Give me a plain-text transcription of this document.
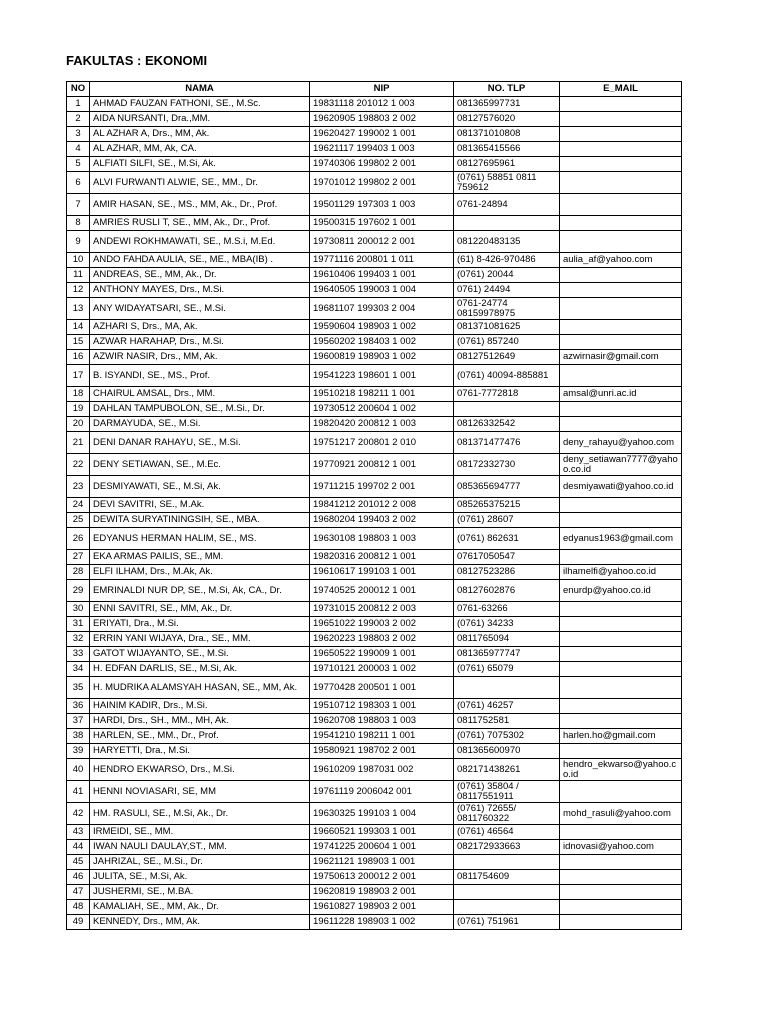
FAKULTAS : EKONOMI
NO	NAMA	NIP	NO. TLP	E_MAIL
1	AHMAD FAUZAN FATHONI, SE., M.Sc.	19831118 201012 1 003	081365997731	
2	AIDA NURSANTI, Dra.,MM.	19620905 198803 2 002	08127576020	
3	AL AZHAR A, Drs., MM, Ak.	19620427 199002 1 001	081371010808	
4	AL AZHAR, MM, Ak, CA.	19621117 199403 1 003	081365415566	
5	ALFIATI SILFI, SE., M.Si, Ak.	19740306 199802 2 001	08127695961	
6	ALVI FURWANTI ALWIE, SE., MM., Dr.	19701012 199802 2 001	(0761) 58851 0811 759612	
7	AMIR HASAN, SE., MS., MM, Ak., Dr., Prof.	19501129 197303 1 003	0761-24894	
8	AMRIES RUSLI T, SE., MM, Ak., Dr., Prof.	19500315 197602 1 001		
9	ANDEWI ROKHMAWATI, SE., M.S.i, M.Ed.	19730811 200012 2 001	081220483135	
10	ANDO FAHDA AULIA, SE., ME., MBA(IB) .	19771116 200801 1 011	(61) 8-426-970486	aulia_af@yahoo.com
11	ANDREAS, SE., MM, Ak., Dr.	19610406 199403 1 001	(0761) 20044	
12	ANTHONY MAYES, Drs., M.Si.	19640505 199003 1 004	0761) 24494	
13	ANY WIDAYATSARI, SE., M.Si.	19681107 199303 2 004	0761-24774 08159978975	
14	AZHARI S, Drs., MA, Ak.	19590604 198903 1 002	081371081625	
15	AZWAR HARAHAP, Drs., M.Si.	19560202 198403 1 002	(0761) 857240	
16	AZWIR NASIR, Drs., MM, Ak.	19600819 198903 1 002	08127512649	azwirnasir@gmail.com
17	B. ISYANDI, SE., MS., Prof.	19541223 198601 1 001	(0761) 40094-885881	
18	CHAIRUL AMSAL, Drs., MM.	19510218 198211 1 001	0761-7772818	amsal@unri.ac.id
19	DAHLAN TAMPUBOLON, SE., M.Si., Dr.	19730512 200604 1 002		
20	DARMAYUDA, SE., M.Si.	19820420 200812 1 003	08126332542	
21	DENI DANAR RAHAYU, SE., M.Si.	19751217 200801 2 010	081371477476	deny_rahayu@yahoo.com
22	DENY SETIAWAN, SE., M.Ec.	19770921 200812 1 001	08172332730	deny_setiawan7777@yahoo.co.id
23	DESMIYAWATI, SE., M.Si, Ak.	19711215 199702 2 001	085365694777	desmiyawati@yahoo.co.id
24	DEVI SAVITRI, SE., M.Ak.	19841212 201012 2 008	085265375215	
25	DEWITA SURYATININGSIH, SE., MBA.	19680204 199403 2 002	(0761) 28607	
26	EDYANUS HERMAN HALIM, SE., MS.	19630108 198803 1 003	(0761) 862631	edyanus1963@gmail.com
27	EKA ARMAS PAILIS, SE., MM.	19820316 200812 1 001	07617050547	
28	ELFI ILHAM, Drs., M.Ak, Ak.	19610617 199103 1 001	08127523286	ilhamelfi@yahoo.co.id
29	EMRINALDI NUR DP, SE., M.Si, Ak, CA., Dr.	19740525 200012 1 001	08127602876	enurdp@yahoo.co.id
30	ENNI SAVITRI, SE., MM, Ak., Dr.	19731015 200812 2 003	0761-63266	
31	ERIYATI, Dra., M.Si.	19651022 199003 2 002	(0761) 34233	
32	ERRIN YANI WIJAYA, Dra., SE., MM.	19620223 198803 2 002	0811765094	
33	GATOT WIJAYANTO, SE., M.Si.	19650522 199009 1 001	081365977747	
34	H. EDFAN DARLIS, SE., M.Si, Ak.	19710121 200003 1 002	(0761) 65079	
35	H. MUDRIKA ALAMSYAH HASAN, SE., MM, Ak.	19770428 200501 1 001		
36	HAINIM KADIR, Drs., M.Si.	19510712 198303 1 001	(0761) 46257	
37	HARDI, Drs., SH., MM., MH, Ak.	19620708 198803 1 003	0811752581	
38	HARLEN, SE., MM., Dr., Prof.	19541210 198211 1 001	(0761) 7075302	harlen.ho@gmail.com
39	HARYETTI, Dra., M.Si.	19580921 198702 2 001	081365600970	
40	HENDRO EKWARSO, Drs., M.Si.	19610209 1987031 002	082171438261	hendro_ekwarso@yahoo.co.id
41	HENNI NOVIASARI, SE, MM	19761119 2006042 001	(0761) 35804 / 08117551911	
42	HM. RASULI, SE., M.Si, Ak., Dr.	19630325 199103 1 004	(0761) 72655/ 0811760322	mohd_rasuli@yahoo.com
43	IRMEIDI, SE., MM.	19660521 199303 1 001	(0761) 46564	
44	IWAN NAULI DAULAY,ST., MM.	19741225 200604 1 001	082172933663	idnovasi@yahoo.com
45	JAHRIZAL, SE., M.Si., Dr.	19621121 198903 1 001		
46	JULITA, SE., M.Si, Ak.	19750613 200012 2 001	0811754609	
47	JUSHERMI, SE., M.BA.	19620819 198903 2 001		
48	KAMALIAH, SE., MM, Ak., Dr.	19610827 198903 2 001		
49	KENNEDY, Drs., MM, Ak.	19611228 198903 1 002	(0761) 751961	
